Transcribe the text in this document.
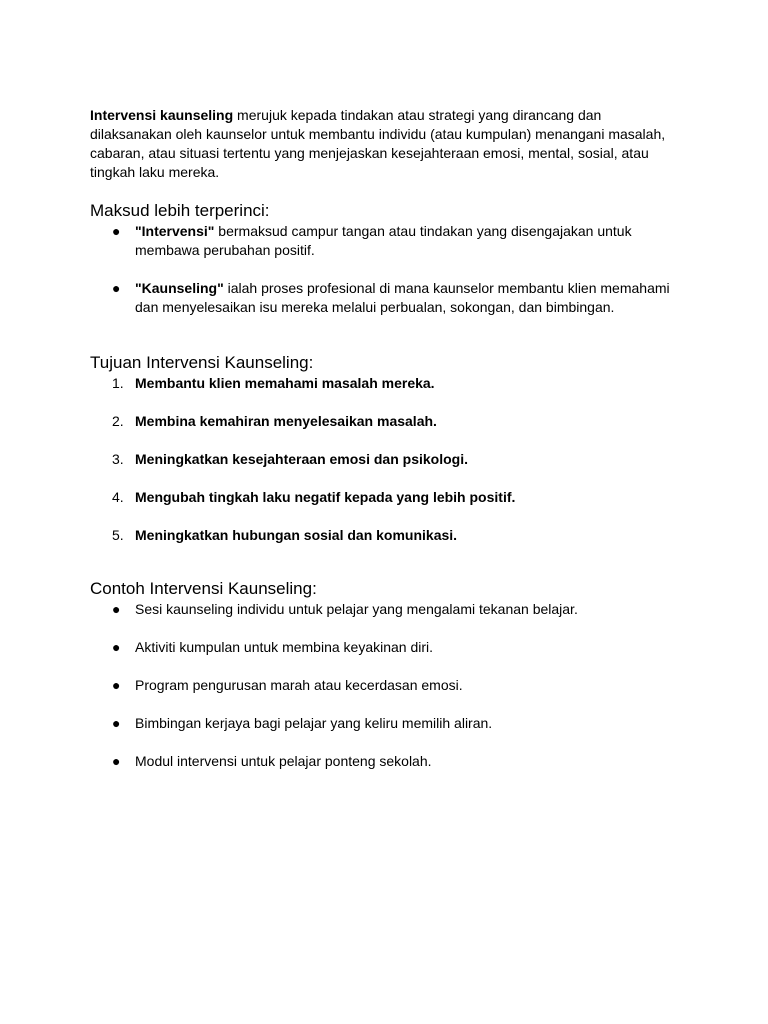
Intervensi kaunseling merujuk kepada tindakan atau strategi yang dirancang dan dilaksanakan oleh kaunselor untuk membantu individu (atau kumpulan) menangani masalah, cabaran, atau situasi tertentu yang menjejaskan kesejahteraan emosi, mental, sosial, atau tingkah laku mereka.

Maksud lebih terperinci:
● "Intervensi" bermaksud campur tangan atau tindakan yang disengajakan untuk membawa perubahan positif.
● "Kaunseling" ialah proses profesional di mana kaunselor membantu klien memahami dan menyelesaikan isu mereka melalui perbualan, sokongan, dan bimbingan.
Tujuan Intervensi Kaunseling:
1. Membantu klien memahami masalah mereka.
2. Membina kemahiran menyelesaikan masalah.
3. Meningkatkan kesejahteraan emosi dan psikologi.
4. Mengubah tingkah laku negatif kepada yang lebih positif.
5. Meningkatkan hubungan sosial dan komunikasi.
Contoh Intervensi Kaunseling:
● Sesi kaunseling individu untuk pelajar yang mengalami tekanan belajar.
● Aktiviti kumpulan untuk membina keyakinan diri.
● Program pengurusan marah atau kecerdasan emosi.
● Bimbingan kerjaya bagi pelajar yang keliru memilih aliran.
● Modul intervensi untuk pelajar ponteng sekolah.
